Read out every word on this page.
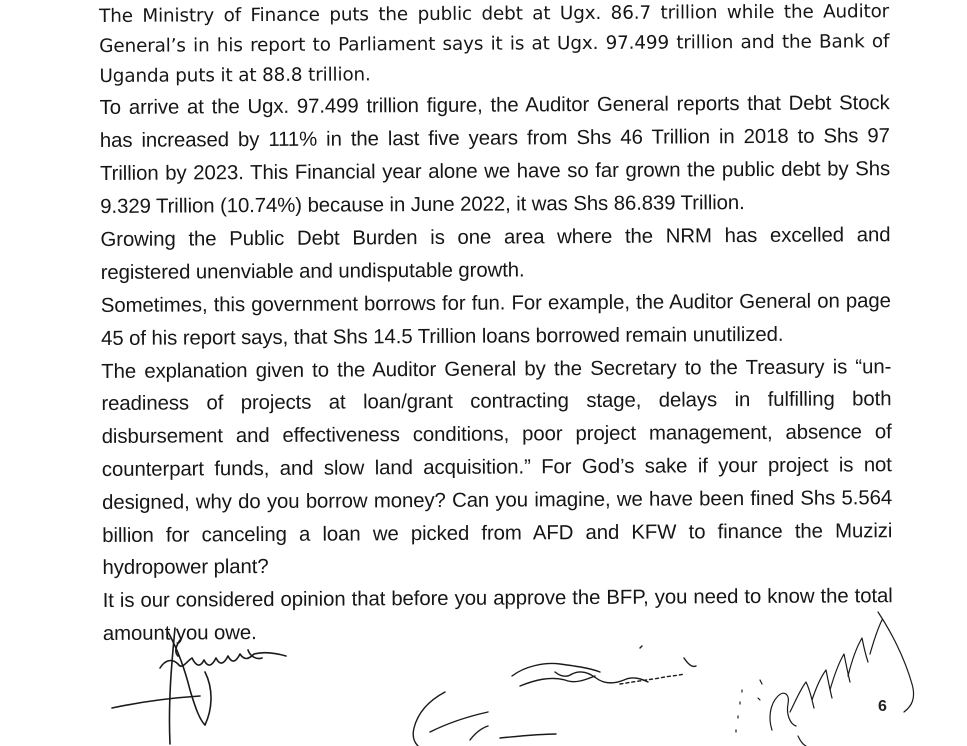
The Ministry of Finance puts the public debt at Ugx. 86.7 trillion while the Auditor General’s in his report to Parliament says it is at Ugx. 97.499 trillion and the Bank of Uganda puts it at 88.8 trillion.

To arrive at the Ugx. 97.499 trillion figure, the Auditor General reports that Debt Stock has increased by 111% in the last five years from Shs 46 Trillion in 2018 to Shs 97 Trillion by 2023. This Financial year alone we have so far grown the public debt by Shs 9.329 Trillion (10.74%) because in June 2022, it was Shs 86.839 Trillion.

Growing the Public Debt Burden is one area where the NRM has excelled and registered unenviable and undisputable growth.

Sometimes, this government borrows for fun. For example, the Auditor General on page 45 of his report says, that Shs 14.5 Trillion loans borrowed remain unutilized.

The explanation given to the Auditor General by the Secretary to the Treasury is “un-readiness of projects at loan/grant contracting stage, delays in fulfilling both disbursement and effectiveness conditions, poor project management, absence of counterpart funds, and slow land acquisition.” For God’s sake if your project is not designed, why do you borrow money? Can you imagine, we have been fined Shs 5.564 billion for canceling a loan we picked from AFD and KFW to finance the Muzizi hydropower plant?

It is our considered opinion that before you approve the BFP, you need to know the total amount you owe.

6
